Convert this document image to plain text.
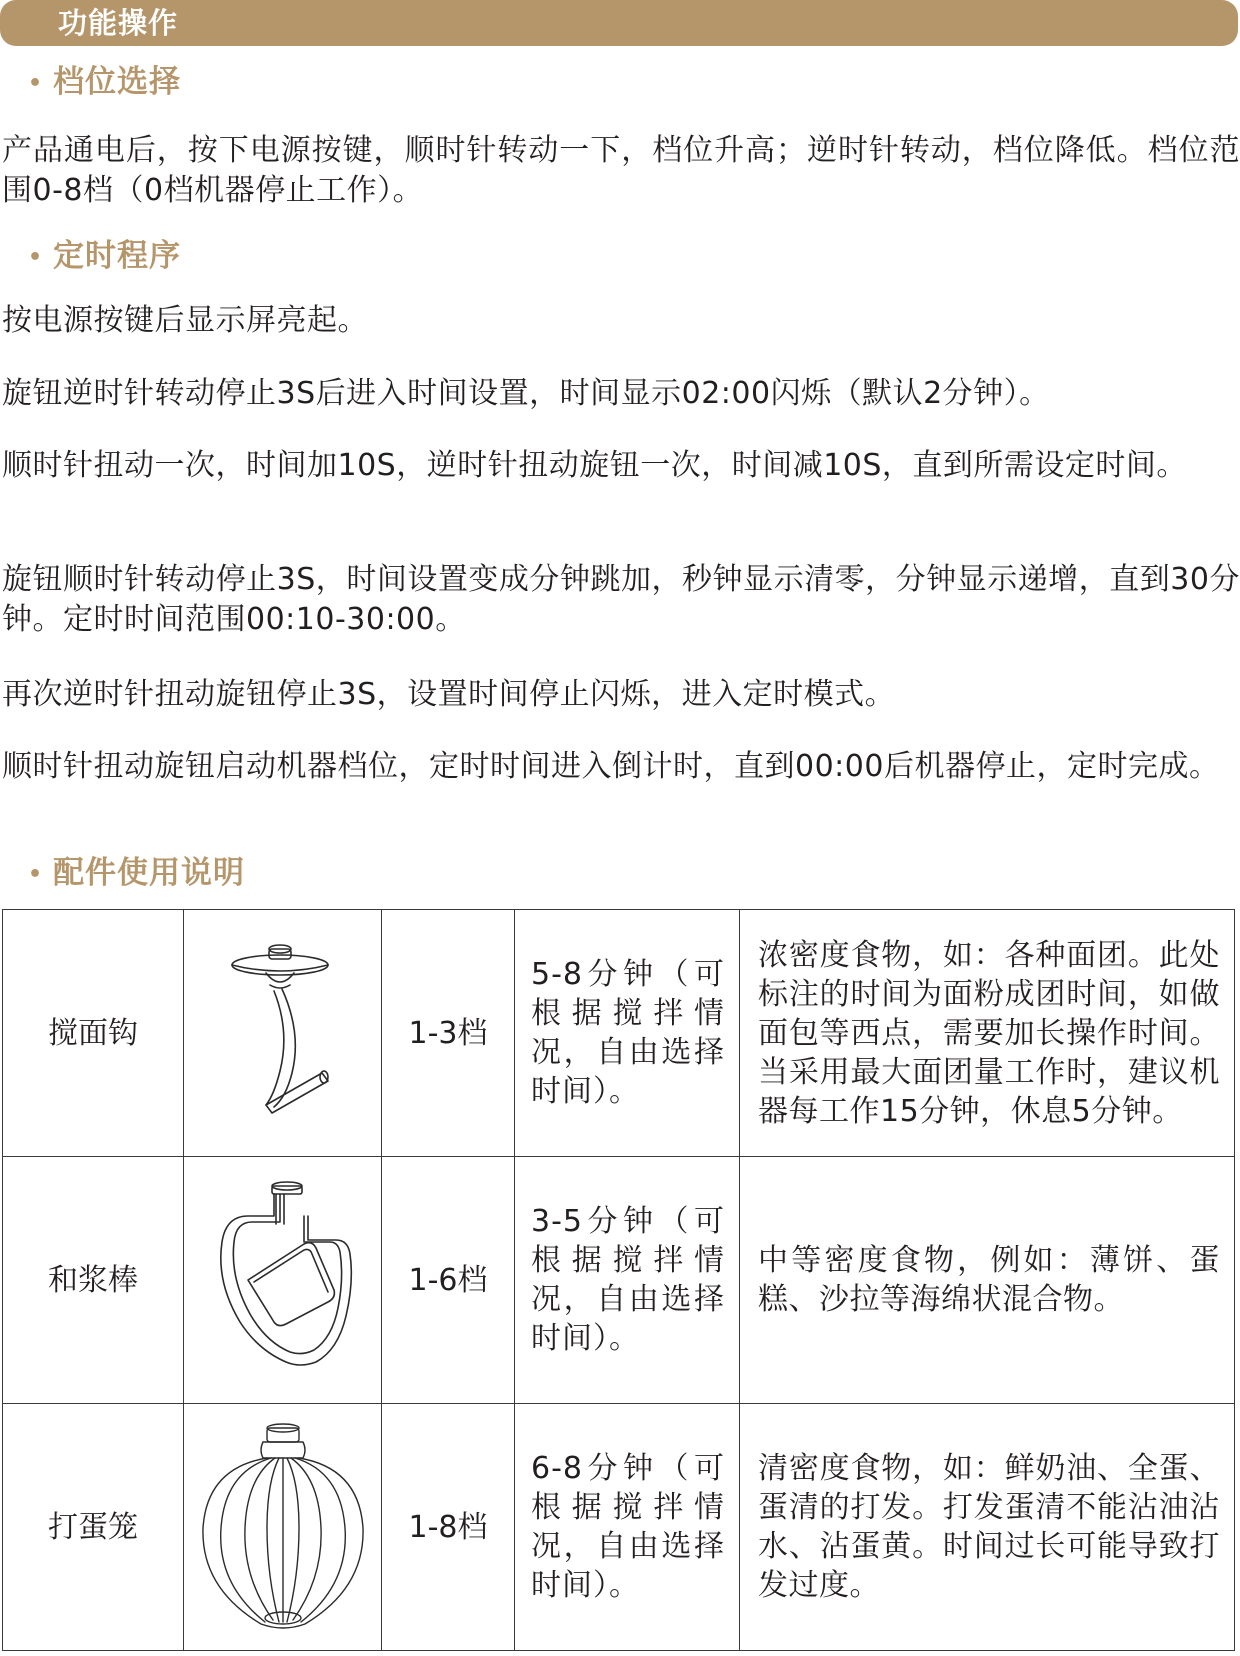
功能操作
• 档位选择
产品通电后，按下电源按键，顺时针转动一下，档位升高；逆时针转动，档位降低。档位范围0-8档（0档机器停止工作）。
• 定时程序
按电源按键后显示屏亮起。
旋钮逆时针转动停止3S后进入时间设置，时间显示02:00闪烁（默认2分钟）。
顺时针扭动一次，时间加10S，逆时针扭动旋钮一次，时间减10S，直到所需设定时间。
旋钮顺时针转动停止3S，时间设置变成分钟跳加，秒钟显示清零，分钟显示递增，直到30分钟。定时时间范围00:10-30:00。
再次逆时针扭动旋钮停止3S，设置时间停止闪烁，进入定时模式。
顺时针扭动旋钮启动机器档位，定时时间进入倒计时，直到00:00后机器停止，定时完成。
• 配件使用说明
搅面钩		1-3档	5-8分钟（可根据搅拌情况，自由选择时间）。	浓密度食物，如：各种面团。此处标注的时间为面粉成团时间，如做面包等西点，需要加长操作时间。当采用最大面团量工作时，建议机器每工作15分钟，休息5分钟。

和浆棒		1-6档	3-5分钟（可根据搅拌情况，自由选择时间）。	中等密度食物，例如：薄饼、蛋糕、沙拉等海绵状混合物。

打蛋笼		1-8档	6-8分钟（可根据搅拌情况，自由选择时间）。	清密度食物，如：鲜奶油、全蛋、蛋清的打发。打发蛋清不能沾油沾水、沾蛋黄。时间过长可能导致打发过度。
